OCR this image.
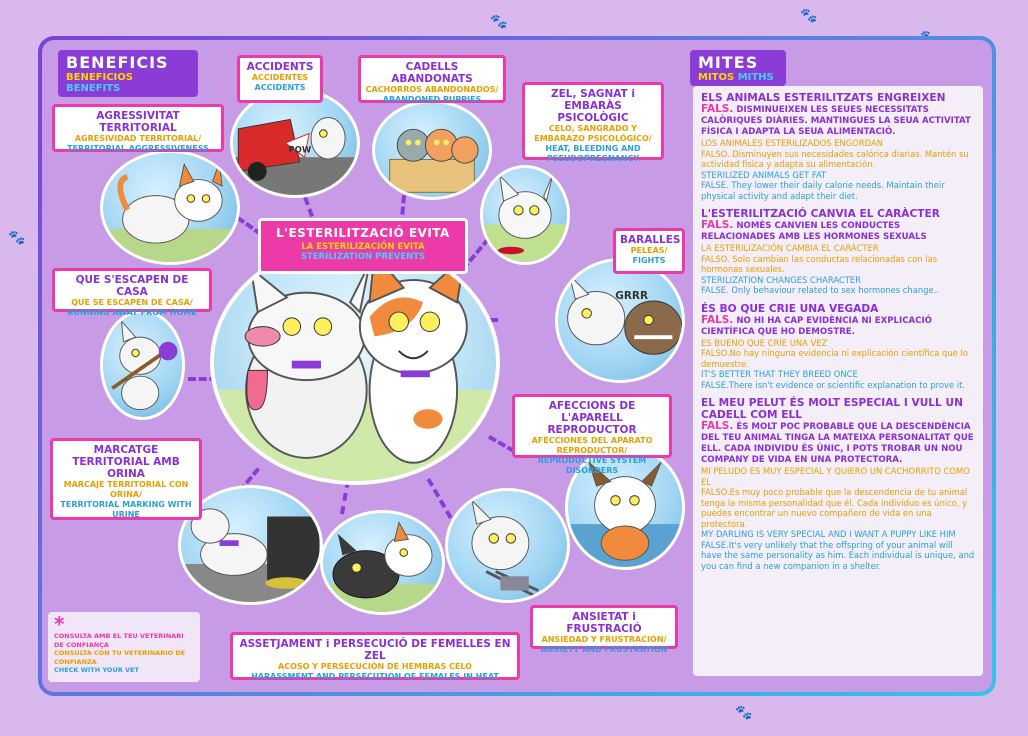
🐾	🐾
🐾
🐾
BENEFICIS
BENEFICIOS BENEFITS
MITES
MITOS MITHS
L'ESTERILITZACIÓ EVITA
LA ESTERILIZACIÓN EVITA
STERILIZATION PREVENTS
POW
GRRR
ACCIDENTS
ACCIDENTES
ACCIDENTS
CADELLS ABANDONATS
CACHORROS ABANDONADOS/
ABANDONED PUPPIES
AGRESSIVITAT TERRITORIAL
AGRESIVIDAD TERRITORIAL/
TERRITORIAL AGGRESSIVENESS
ZEL, SAGNAT i EMBARÀS PSICOLÒGIC
CELO, SANGRADO Y EMBARAZO PSICOLÓGICO/
HEAT, BLEEDING AND PSEUDOPREGNANCY
BARALLES
PELEAS/
FIGHTS
QUE S'ESCAPEN DE CASA
QUE SE ESCAPEN DE CASA/
RUNNING AWAY FROM HOME
AFECCIONS DE L'APARELL REPRODUCTOR
AFECCIONES DEL APARATO REPRODUCTOR/
REPRODUCTIVE SYSTEM DISORDERS
MARCATGE TERRITORIAL AMB ORINA
MARCAJE TERRITORIAL CON ORINA/
TERRITORIAL MARKING WITH URINE
ANSIETAT i FRUSTRACIÓ
ANSIEDAD Y FRUSTRACIÓN/
ANXIETY AND FRUSTRATION
ASSETJAMENT i PERSECUCIÓ DE FEMELLES EN ZEL
ACOSO Y PERSECUCIÓN DE HEMBRAS CELO
HARASSMENT AND PERSECUTION OF FEMALES IN HEAT
*
CONSULTA AMB EL TEU VETERINARI DE CONFIANÇA
CONSULTA CON TU VETERINARIO DE CONFIANZA
CHECK WITH YOUR VET
ELS ANIMALS ESTERILITZATS ENGREIXEN
FALS. DISMINUEIXEN LES SEUES NECESSITATS CALÒRIQUES DIÀRIES. MANTINGUES LA SEUA ACTIVITAT FÍSICA I ADAPTA LA SEUA ALIMENTACIÓ.
LOS ANIMALES ESTERILIZADOS ENGORDAN
FALSO. Disminuyen sus necesidades calórica diarias. Mantén su actividad física y adapta su alimentación.
STERILIZED ANIMALS GET FAT
FALSE. They lower their daily calorie needs. Maintain their physical activity and adapt their diet.
L'ESTERILITZACIÓ CANVIA EL CARÀCTER
FALS. NOMÉS CANVIEN LES CONDUCTES RELACIONADES AMB LES HORMONES SEXUALS
LA ESTERILIZACIÓN CAMBIA EL CARÁCTER
FALSO. Solo cambian las conductas relacionadas con las hormonas sexuales.
STERILIZATION CHANGES CHARACTER
FALSE. Only behaviour related to sex hormones change..
ÉS BO QUE CRIE UNA VEGADA
FALS. NO HI HA CAP EVIDÈNCIA NI EXPLICACIÓ CIENTÍFICA QUE HO DEMOSTRE.
ES BUENO QUE CRÍE UNA VEZ
FALSO.No hay ninguna evidencia ni explicación científica que lo demuestre.
IT'S BETTER THAT THEY BREED ONCE
FALSE.There isn't evidence or scientific explanation to prove it.
EL MEU PELUT ÉS MOLT ESPECIAL I VULL UN CADELL COM ELL
FALS. ÉS MOLT POC PROBABLE QUE LA DESCENDÈNCIA DEL TEU ANIMAL TINGA LA MATEIXA PERSONALITAT QUE ELL. CADA INDIVIDU ÉS ÚNIC, I POTS TROBAR UN NOU COMPANY DE VIDA EN UNA PROTECTORA.
MI PELUDO ES MUY ESPECIAL Y QUIERO UN CACHORRITO COMO ÉL
FALSO.Es muy poco probable que la descendencia de tu animal tenga la misma personalidad que él. Cada individuo es único, y puedes encontrar un nuevo compañero de vida en una protectora.
MY DARLING IS VERY SPECIAL AND I WANT A PUPPY LIKE HIM
FALSE.It's very unlikely that the offspring of your animal will have the same personality as him. Each individual is unique, and you can find a new companion in a shelter.
